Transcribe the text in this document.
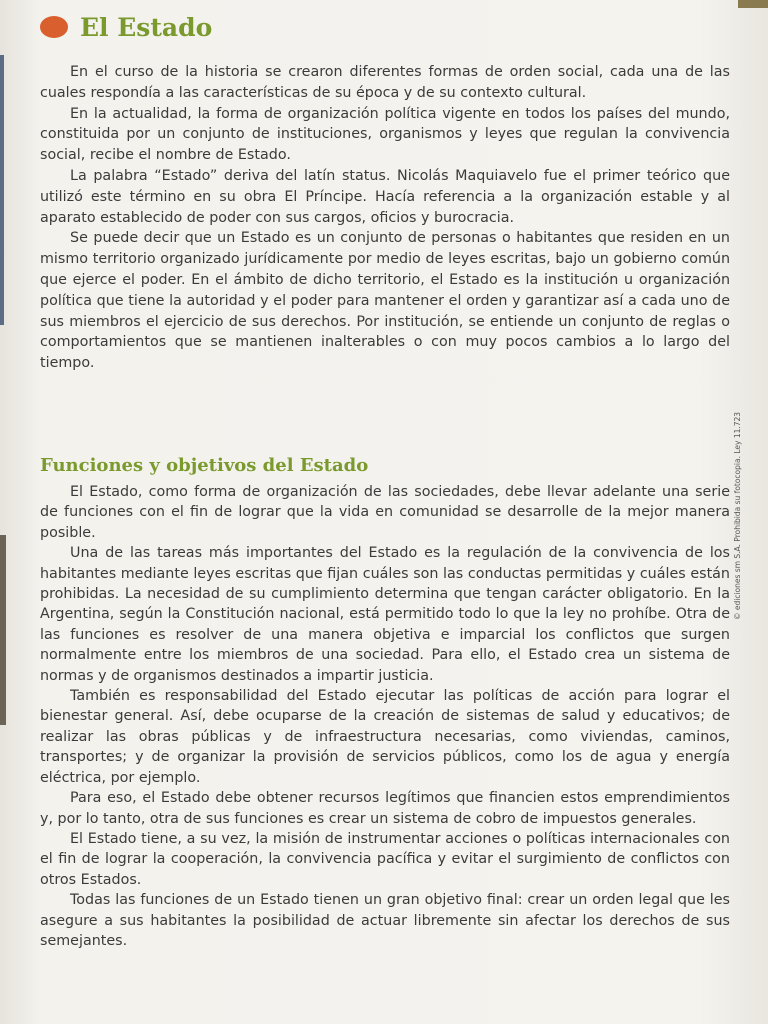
El Estado

En el curso de la historia se crearon diferentes formas de orden social, cada una de las cuales respondía a las características de su época y de su contexto cultural.

En la actualidad, la forma de organización política vigente en todos los países del mundo, constituida por un conjunto de instituciones, organismos y leyes que regulan la convivencia social, recibe el nombre de Estado.

La palabra “Estado” deriva del latín status. Nicolás Maquiavelo fue el primer teórico que utilizó este término en su obra El Príncipe. Hacía referencia a la organización estable y al aparato establecido de poder con sus cargos, oficios y burocracia.

Se puede decir que un Estado es un conjunto de personas o habitantes que residen en un mismo territorio organizado jurídicamente por medio de leyes escritas, bajo un gobierno común que ejerce el poder. En el ámbito de dicho territorio, el Estado es la institución u organización política que tiene la autoridad y el poder para mantener el orden y garantizar así a cada uno de sus miembros el ejercicio de sus derechos. Por institución, se entiende un conjunto de reglas o comportamientos que se mantienen inalterables o con muy pocos cambios a lo largo del tiempo.

Funciones y objetivos del Estado

El Estado, como forma de organización de las sociedades, debe llevar adelante una serie de funciones con el fin de lograr que la vida en comunidad se desarrolle de la mejor manera posible.

Una de las tareas más importantes del Estado es la regulación de la convivencia de los habitantes mediante leyes escritas que fijan cuáles son las conductas permitidas y cuáles están prohibidas. La necesidad de su cumplimiento determina que tengan carácter obligatorio. En la Argentina, según la Constitución nacional, está permitido todo lo que la ley no prohíbe. Otra de las funciones es resolver de una manera objetiva e imparcial los conflictos que surgen normalmente entre los miembros de una sociedad. Para ello, el Estado crea un sistema de normas y de organismos destinados a impartir justicia.

También es responsabilidad del Estado ejecutar las políticas de acción para lograr el bienestar general. Así, debe ocuparse de la creación de sistemas de salud y educativos; de realizar las obras públicas y de infraestructura necesarias, como viviendas, caminos, transportes; y de organizar la provisión de servicios públicos, como los de agua y energía eléctrica, por ejemplo.

Para eso, el Estado debe obtener recursos legítimos que financien estos emprendimientos y, por lo tanto, otra de sus funciones es crear un sistema de cobro de impuestos generales.

El Estado tiene, a su vez, la misión de instrumentar acciones o políticas internacionales con el fin de lograr la cooperación, la convivencia pacífica y evitar el surgimiento de conflictos con otros Estados.

Todas las funciones de un Estado tienen un gran objetivo final: crear un orden legal que les asegure a sus habitantes la posibilidad de actuar libremente sin afectar los derechos de sus semejantes.

© ediciones sm S.A. Prohibida su fotocopia. Ley 11.723
